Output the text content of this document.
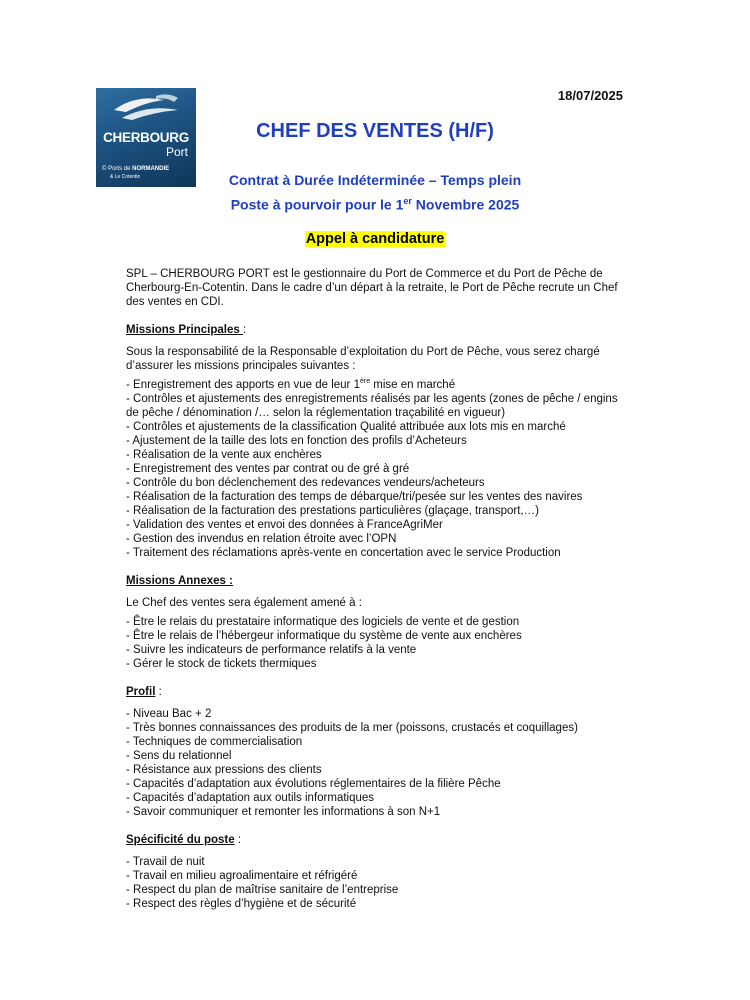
18/07/2025
CHERBOURG
Port
© Ports de NORMANDIE
& Le Cotentin
CHEF DES VENTES (H/F)
Contrat à Durée Indéterminée – Temps plein
Poste à pourvoir pour le 1er Novembre 2025
Appel à candidature

SPL – CHERBOURG PORT est le gestionnaire du Port de Commerce et du Port de Pêche de Cherbourg-En-Cotentin. Dans le cadre d’un départ à la retraite, le Port de Pêche recrute un Chef des ventes en CDI.

Missions Principales :

Sous la responsabilité de la Responsable d’exploitation du Port de Pêche, vous serez chargé d’assurer les missions principales suivantes :

- Enregistrement des apports en vue de leur 1ère mise en marché
- Contrôles et ajustements des enregistrements réalisés par les agents (zones de pêche / engins de pêche / dénomination /… selon la réglementation traçabilité en vigueur)
- Contrôles et ajustements de la classification Qualité attribuée aux lots mis en marché
- Ajustement de la taille des lots en fonction des profils d’Acheteurs
- Réalisation de la vente aux enchères
- Enregistrement des ventes par contrat ou de gré à gré
- Contrôle du bon déclenchement des redevances vendeurs/acheteurs
- Réalisation de la facturation des temps de débarque/tri/pesée sur les ventes des navires
- Réalisation de la facturation des prestations particulières (glaçage, transport,…)
- Validation des ventes et envoi des données à FranceAgriMer
- Gestion des invendus en relation étroite avec l’OPN
- Traitement des réclamations après-vente en concertation avec le service Production

Missions Annexes :

Le Chef des ventes sera également amené à :

- Être le relais du prestataire informatique des logiciels de vente et de gestion
- Être le relais de l’hébergeur informatique du système de vente aux enchères
- Suivre les indicateurs de performance relatifs à la vente
- Gérer le stock de tickets thermiques

Profil :

- Niveau Bac + 2
- Très bonnes connaissances des produits de la mer (poissons, crustacés et coquillages)
- Techniques de commercialisation
- Sens du relationnel
- Résistance aux pressions des clients
- Capacités d’adaptation aux évolutions réglementaires de la filière Pêche
- Capacités d’adaptation aux outils informatiques
- Savoir communiquer et remonter les informations à son N+1

Spécificité du poste :

- Travail de nuit
- Travail en milieu agroalimentaire et réfrigéré
- Respect du plan de maîtrise sanitaire de l’entreprise
- Respect des règles d’hygiène et de sécurité
